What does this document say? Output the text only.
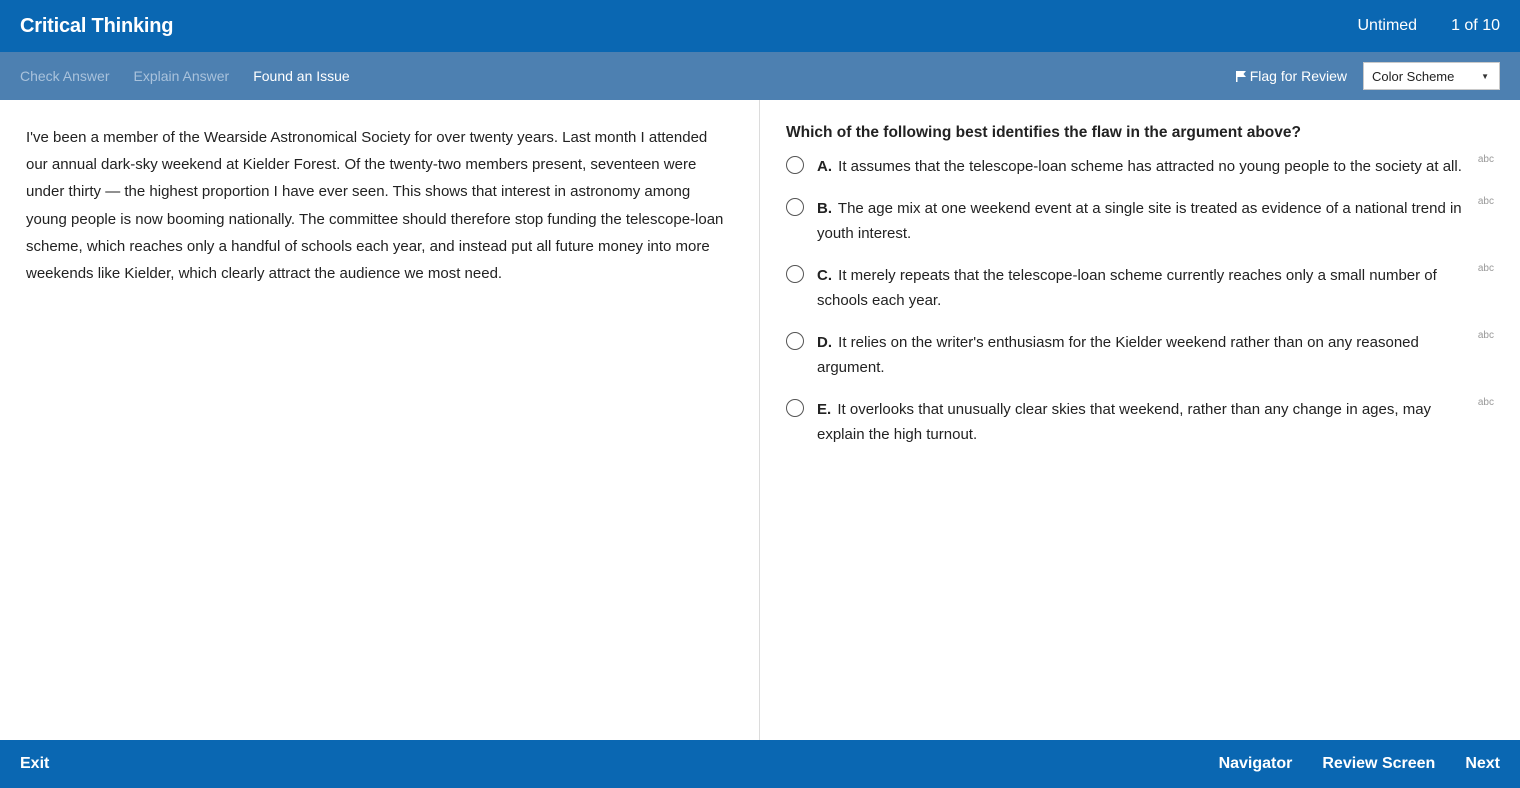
Critical Thinking	Untimed 1 of 10
Check Answer Explain Answer Found an Issue	Flag for Review Color Scheme	▼

I've been a member of the Wearside Astronomical Society for over twenty years. Last month I attended our annual dark-sky weekend at Kielder Forest. Of the twenty-two members present, seventeen were under thirty — the highest proportion I have ever seen. This shows that interest in astronomy among young people is now booming nationally. The committee should therefore stop funding the telescope-loan scheme, which reaches only a handful of schools each year, and instead put all future money into more weekends like Kielder, which clearly attract the audience we most need.

Which of the following best identifies the flaw in the argument above?
A. It assumes that the telescope-loan scheme has attracted no young people to the society at all.	abc
B. The age mix at one weekend event at a single site is treated as evidence of a national trend in youth interest.
abc
C. It merely repeats that the telescope-loan scheme currently reaches only a small number of schools each year.
abc
D. It relies on the writer's enthusiasm for the Kielder weekend rather than on any reasoned argument.
abc
E. It overlooks that unusually clear skies that weekend, rather than any change in ages, may explain the high turnout.
abc
Exit	Navigator Review Screen Next
